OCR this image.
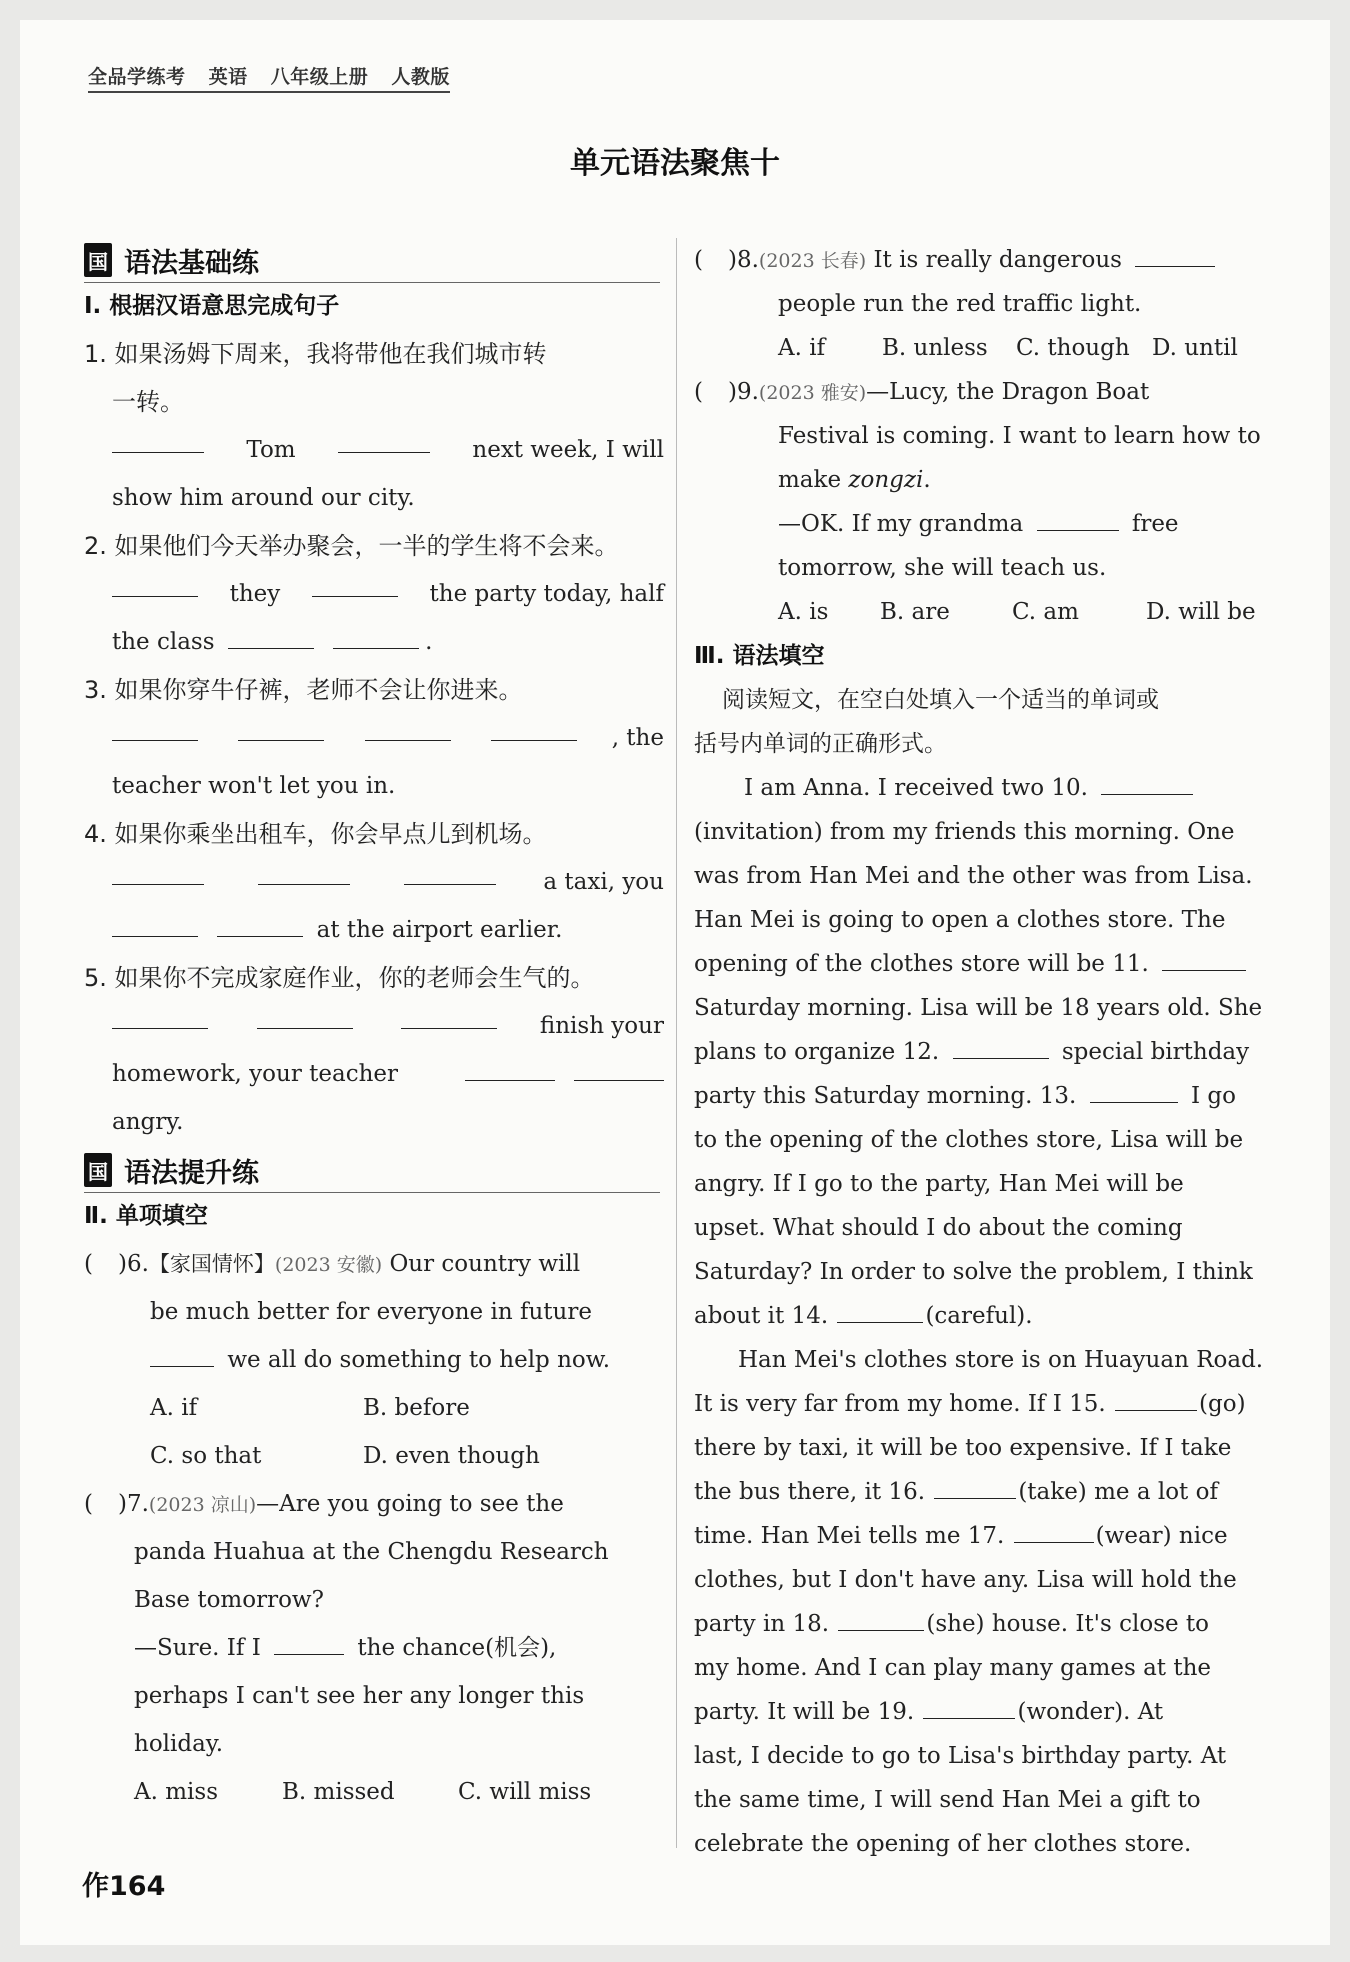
全品学练考 英语 八年级上册 人教版
单元语法聚焦十
国 语法基础练
Ⅰ. 根据汉语意思完成句子
1. 如果汤姆下周来，我将带他在我们城市转
一转。
Tom	next week, I will
show him around our city.
2. 如果他们今天举办聚会，一半的学生将不会来。
they	the party today, half
the class	.
3. 如果你穿牛仔裤，老师不会让你进来。
, the
teacher won't let you in.
4. 如果你乘坐出租车，你会早点儿到机场。
a taxi, you
at the airport earlier.
5. 如果你不完成家庭作业，你的老师会生气的。
finish your
homework, your teacher

angry.
国 语法提升练
Ⅱ. 单项填空
( )6.【家国情怀】(2023 安徽) Our country will
be much better for everyone in future
we all do something to help now.
A. if	B. before
C. so that	D. even though
( )7.(2023 凉山)—Are you going to see the
panda Huahua at the Chengdu Research
Base tomorrow?
—Sure. If I	the chance(机会),
perhaps I can't see her any longer this
holiday.
A. miss	B. missed	C. will miss
( )8.(2023 长春) It is really dangerous
people run the red traffic light.
A. if	B. unless	C. though D. until
( )9.(2023 雅安)—Lucy, the Dragon Boat
Festival is coming. I want to learn how to
make zongzi.
—OK. If my grandma	free
tomorrow, she will teach us.
A. is	B. are	C. am	D. will be
Ⅲ. 语法填空
阅读短文，在空白处填入一个适当的单词或
括号内单词的正确形式。
I am Anna. I received two 10.
(invitation) from my friends this morning. One
was from Han Mei and the other was from Lisa.
Han Mei is going to open a clothes store. The
opening of the clothes store will be 11.
Saturday morning. Lisa will be 18 years old. She
plans to organize 12.	special birthday
party this Saturday morning. 13.	I go
to the opening of the clothes store, Lisa will be
angry. If I go to the party, Han Mei will be
upset. What should I do about the coming
Saturday? In order to solve the problem, I think
about it 14.	(careful).
Han Mei's clothes store is on Huayuan Road.
It is very far from my home. If I 15.	(go)
there by taxi, it will be too expensive. If I take
the bus there, it 16.	(take) me a lot of
time. Han Mei tells me 17.	(wear) nice
clothes, but I don't have any. Lisa will hold the
party in 18.	(she) house. It's close to
my home. And I can play many games at the
party. It will be 19.	(wonder). At
last, I decide to go to Lisa's birthday party. At
the same time, I will send Han Mei a gift to
celebrate the opening of her clothes store.
作164
